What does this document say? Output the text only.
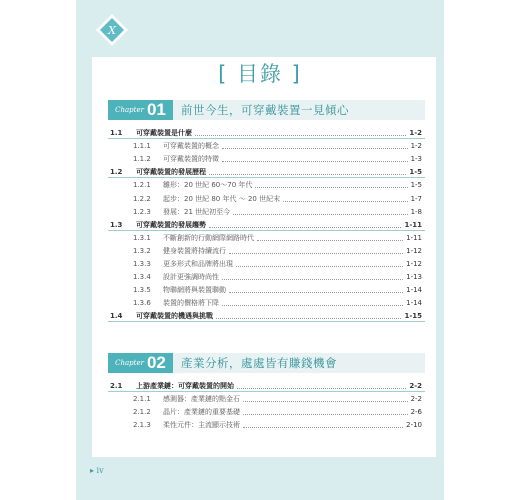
X
[ 目錄 ]
Chapter 01 前世今生，可穿戴裝置一見傾心
1.1	可穿戴裝置是什麼	1-2
1.1.1	可穿戴裝置的概念	1-2
1.1.2	可穿戴裝置的特徵	1-3
1.2	可穿戴裝置的發展歷程	1-5
1.2.1	雛形：20 世紀 60～70 年代	1-5
1.2.2	起步：20 世紀 80 年代 ～ 20 世紀末	1-7
1.2.3	發展：21 世紀初至今	1-8
1.3	可穿戴裝置的發展趨勢	1-11
1.3.1	不斷創新的行動網際網路時代	1-11
1.3.2	健身裝置將持續流行	1-12
1.3.3	更多形式和品牌將出現	1-12
1.3.4	設計更強調時尚性	1-13
1.3.5	物聯網將與裝置聯動	1-14
1.3.6	裝置的價格將下降	1-14
1.4	可穿戴裝置的機遇與挑戰	1-15
Chapter 02 產業分析，處處皆有賺錢機會
2.1	上游產業鏈：可穿戴裝置的開始	2-2
2.1.1	感測器：產業鏈的點金石	2-2
2.1.2	晶片：產業鏈的重要基礎	2-6
2.1.3	柔性元件：主流顯示技術	2-10
▸ iv
